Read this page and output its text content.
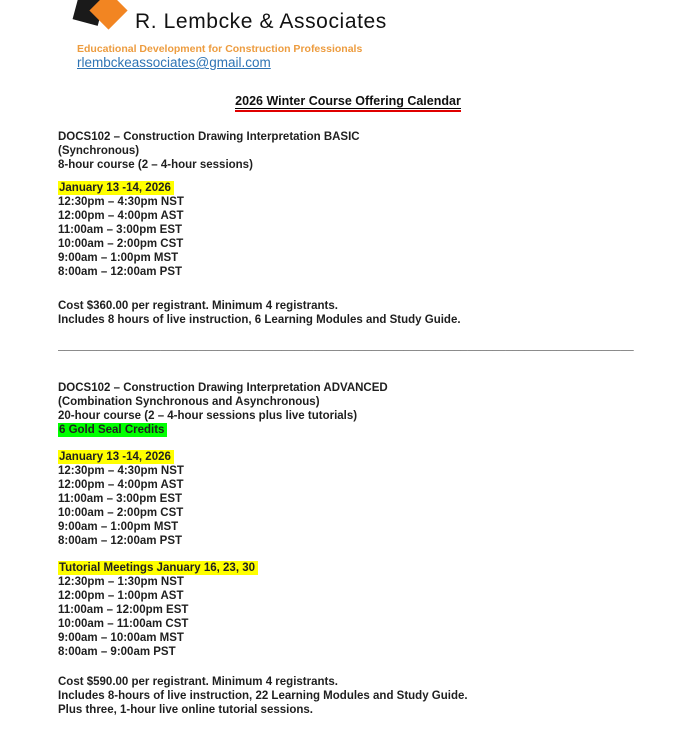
R. Lembcke & Associates
Educational Development for Construction Professionals
rlembckeassociates@gmail.com
2026 Winter Course Offering Calendar
DOCS102 – Construction Drawing Interpretation BASIC
(Synchronous)
8-hour course (2 – 4-hour sessions)
January 13 -14, 2026
12:30pm – 4:30pm NST
12:00pm – 4:00pm AST
11:00am – 3:00pm EST
10:00am – 2:00pm CST
9:00am – 1:00pm MST
8:00am – 12:00am PST
Cost $360.00 per registrant. Minimum 4 registrants.
Includes 8 hours of live instruction, 6 Learning Modules and Study Guide.
__________________________________________________________________________________________
DOCS102 – Construction Drawing Interpretation ADVANCED
(Combination Synchronous and Asynchronous)
20-hour course (2 – 4-hour sessions plus live tutorials)
6 Gold Seal Credits
January 13 -14, 2026
12:30pm – 4:30pm NST
12:00pm – 4:00pm AST
11:00am – 3:00pm EST
10:00am – 2:00pm CST
9:00am – 1:00pm MST
8:00am – 12:00am PST
Tutorial Meetings January 16, 23, 30
12:30pm – 1:30pm NST
12:00pm – 1:00pm AST
11:00am – 12:00pm EST
10:00am – 11:00am CST
9:00am – 10:00am MST
8:00am – 9:00am PST
Cost $590.00 per registrant. Minimum 4 registrants.
Includes 8-hours of live instruction, 22 Learning Modules and Study Guide.
Plus three, 1-hour live online tutorial sessions.
